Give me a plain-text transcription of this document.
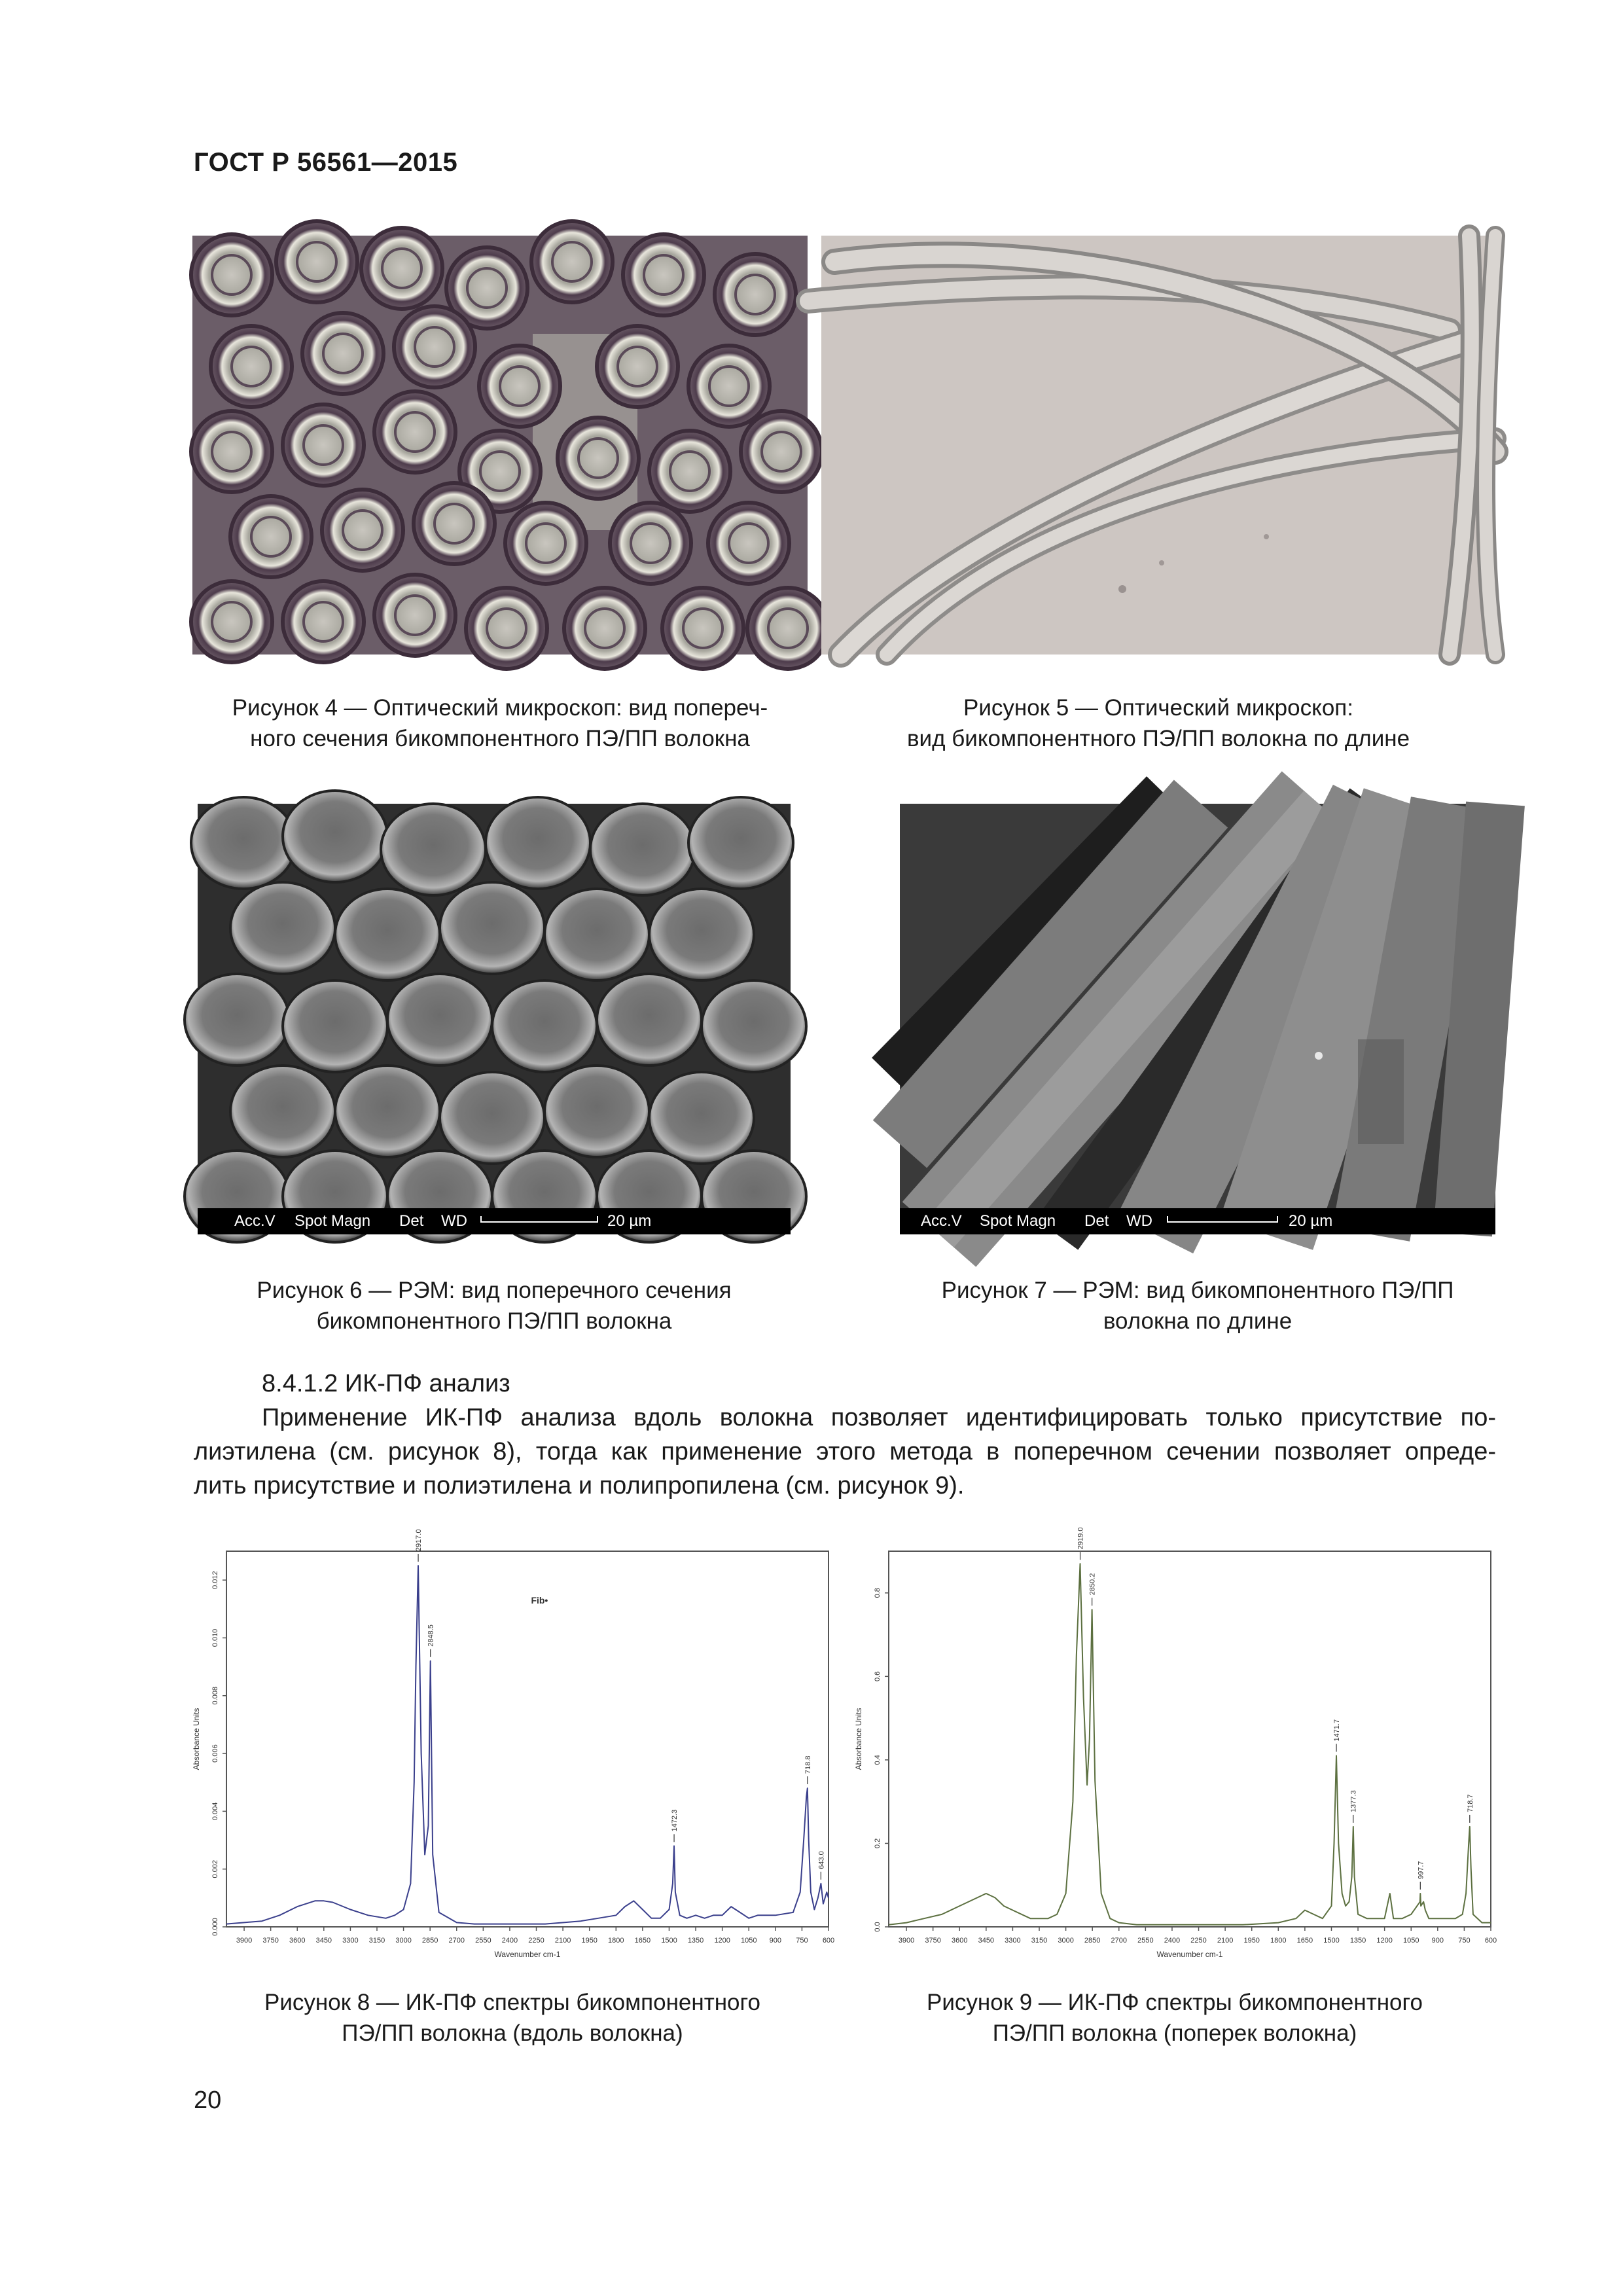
ГОСТ Р 56561—2015
Рисунок 4 — Оптический микроскоп: вид попереч-
ного сечения бикомпонентного ПЭ/ПП волокна
Рисунок 5 — Оптический микроскоп:
вид бикомпонентного ПЭ/ПП волокна по длине
Acc.V Spot Magn Det WD	20 µm	Acc.V Spot Magn Det WD	20 µm
Рисунок 6 — РЭМ: вид поперечного сечения
бикомпонентного ПЭ/ПП волокна
Рисунок 7 — РЭМ: вид бикомпонентного ПЭ/ПП
волокна по длине
8.4.1.2 ИК-ПФ анализ
Применение ИК-ПФ анализа вдоль волокна позволяет идентифицировать только присутствие по-
лиэтилена (см. рисунок 8), тогда как применение этого метода в поперечном сечении позволяет опреде-
лить присутствие и полиэтилена и полипропилена (см. рисунок 9).
3900 3750 3600 3450 3300 3150 3000 2850 2700 2550 2400 2250 2100 1950 1800 1650 1500 1350 1200 1050 900 750 600
0.000
0.002
0.004
0.006
0.008
0.010
0.012
Wavenumber cm-1
Absorbance Units
Fib•
2917.0
2848.5
1472.3
718.8
643.0
3900 3750 3600 3450 3300 3150 3000 2850 2700 2550 2400 2250 2100 1950 1800 1650 1500 1350 1200 1050 900 750 600
0.0
0.2
0.4
0.6
0.8
Wavenumber cm-1
Absorbance Units
2919.0
2850.2
1471.7
1377.3
997.7
718.7
Рисунок 8 — ИК-ПФ спектры бикомпонентного
ПЭ/ПП волокна (вдоль волокна)
Рисунок 9 — ИК-ПФ спектры бикомпонентного
ПЭ/ПП волокна (поперек волокна)
20
